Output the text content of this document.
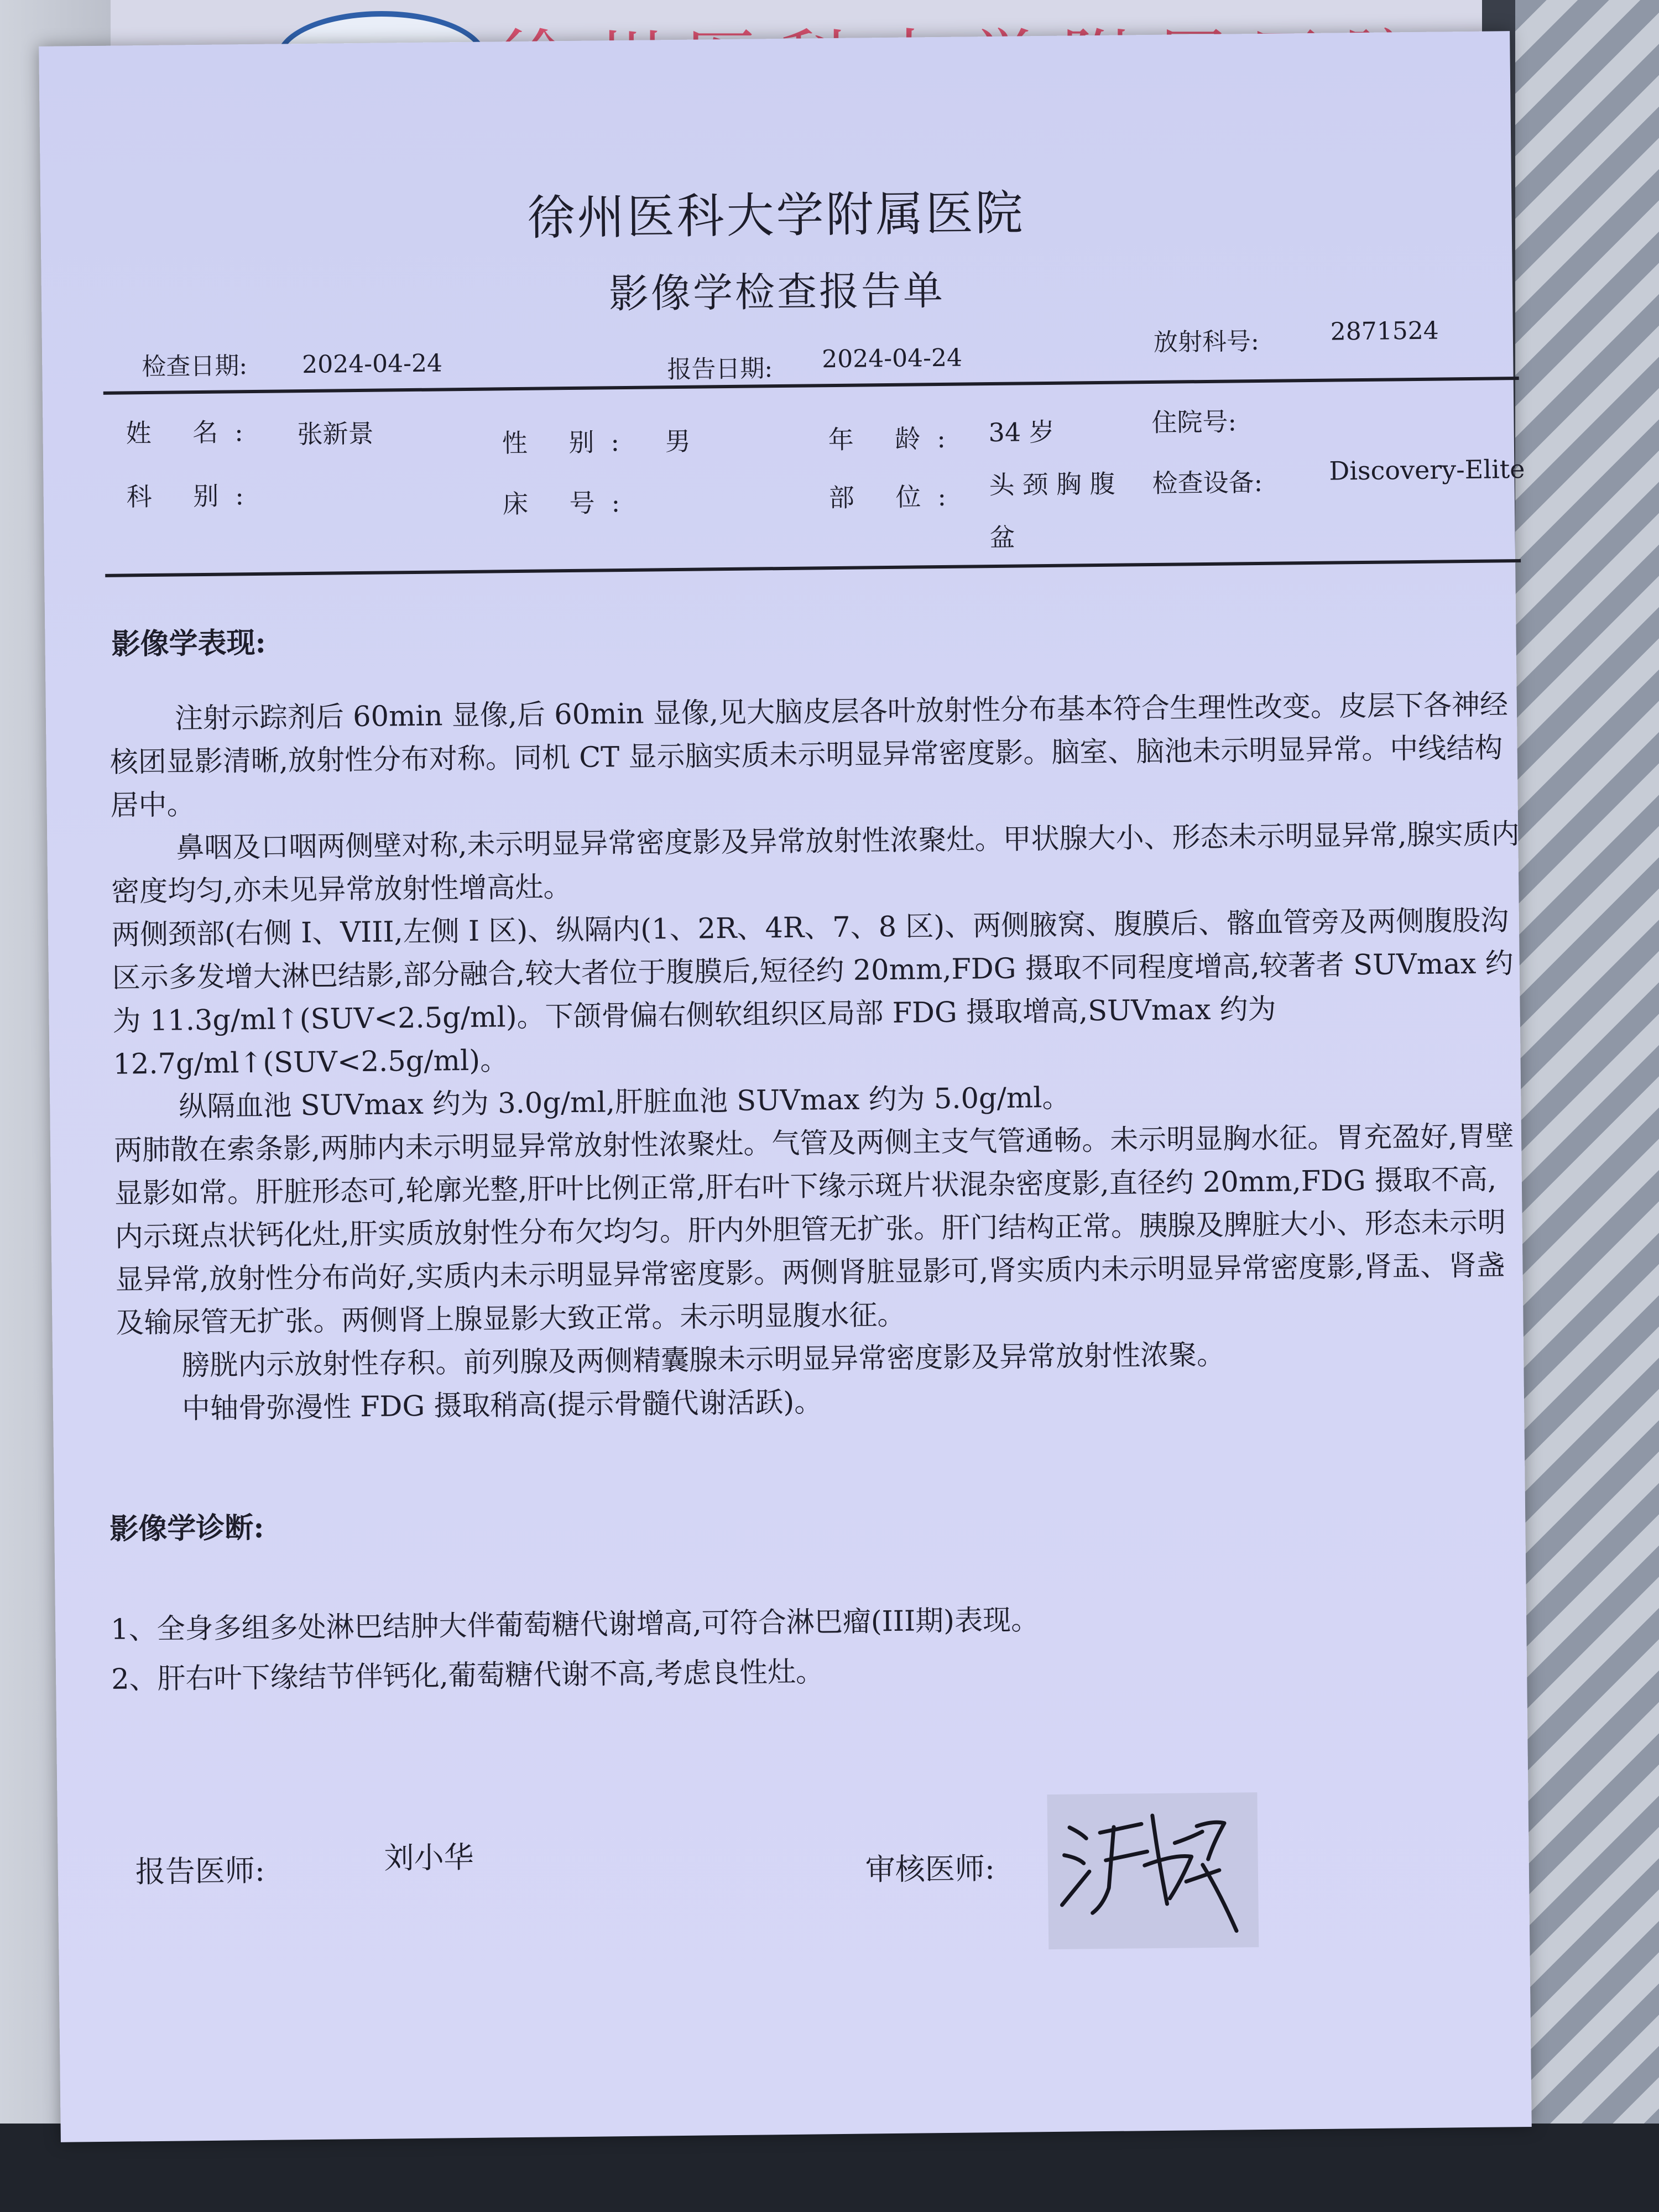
徐州医科大学附属医院
影像学检查报告单
检查日期: 2024-04-24	报告日期: 2024-04-24
放射科号:	2871524
姓 名: 张新景	性 别: 男	年 龄: 34 岁	住院号:
科 别:	床 号:	部 位: 头 颈 胸 腹
盆
检查设备:	Discovery-Elite
影像学表现:

注射示踪剂后 60min 显像,后 60min 显像,见大脑皮层各叶放射性分布基本符合生理性改变。皮层下各神经核团显影清晰,放射性分布对称。同机 CT 显示脑实质未示明显异常密度影。脑室、脑池未示明显异常。中线结构居中。

鼻咽及口咽两侧壁对称,未示明显异常密度影及异常放射性浓聚灶。甲状腺大小、形态未示明显异常,腺实质内密度均匀,亦未见异常放射性增高灶。

两侧颈部(右侧 I、VIII,左侧 I 区)、纵隔内(1、2R、4R、7、8 区)、两侧腋窝、腹膜后、髂血管旁及两侧腹股沟区示多发增大淋巴结影,部分融合,较大者位于腹膜后,短径约 20mm,FDG 摄取不同程度增高,较著者 SUVmax 约为 11.3g/ml↑(SUV<2.5g/ml)。下颌骨偏右侧软组织区局部 FDG 摄取增高,SUVmax 约为 12.7g/ml↑(SUV<2.5g/ml)。

纵隔血池 SUVmax 约为 3.0g/ml,肝脏血池 SUVmax 约为 5.0g/ml。

两肺散在索条影,两肺内未示明显异常放射性浓聚灶。气管及两侧主支气管通畅。未示明显胸水征。胃充盈好,胃壁显影如常。肝脏形态可,轮廓光整,肝叶比例正常,肝右叶下缘示斑片状混杂密度影,直径约 20mm,FDG 摄取不高,内示斑点状钙化灶,肝实质放射性分布欠均匀。肝内外胆管无扩张。肝门结构正常。胰腺及脾脏大小、形态未示明显异常,放射性分布尚好,实质内未示明显异常密度影。两侧肾脏显影可,肾实质内未示明显异常密度影,肾盂、肾盏及输尿管无扩张。两侧肾上腺显影大致正常。未示明显腹水征。

膀胱内示放射性存积。前列腺及两侧精囊腺未示明显异常密度影及异常放射性浓聚。

中轴骨弥漫性 FDG 摄取稍高(提示骨髓代谢活跃)。

影像学诊断:

1、全身多组多处淋巴结肿大伴葡萄糖代谢增高,可符合淋巴瘤(III期)表现。

2、肝右叶下缘结节伴钙化,葡萄糖代谢不高,考虑良性灶。

报告医师:	刘小华	审核医师:
